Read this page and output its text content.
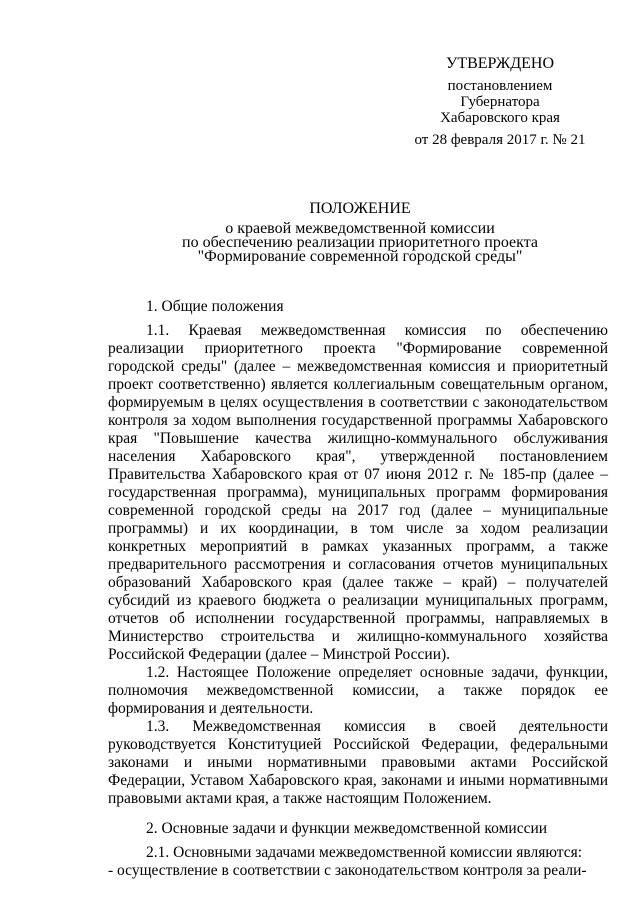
УТВЕРЖДЕНО
постановлением
Губернатора
Хабаровского края
от 28 февраля 2017 г. № 21
ПОЛОЖЕНИЕ
о краевой межведомственной комиссии
по обеспечению реализации приоритетного проекта
"Формирование современной городской среды"

1. Общие положения

1.1. Краевая межведомственная комиссия по обеспечению реализации приоритетного проекта "Формирование современной городской среды" (далее – межведомственная комиссия и приоритетный проект соответственно) является коллегиальным совещательным органом, формируемым в целях осуществления в соответствии с законодательством контроля за ходом выполнения государственной программы Хабаровского края "Повышение качества жилищно-коммунального обслуживания населения Хабаровского края", утвержденной постановлением Правительства Хабаровского края от 07 июня 2012 г. № 185-пр (далее – государственная программа), муниципальных программ формирования современной городской среды на 2017 год (далее – муниципальные программы) и их координации, в том числе за ходом реализации конкретных мероприятий в рамках указанных программ, а также предварительного рассмотрения и согласования отчетов муниципальных образований Хабаровского края (далее также – край) – получателей субсидий из краевого бюджета о реализации муниципальных программ, отчетов об исполнении государственной программы, направляемых в Министерство строительства и жилищно-коммунального хозяйства Российской Федерации (далее – Минстрой России).

1.2. Настоящее Положение определяет основные задачи, функции, полномочия межведомственной комиссии, а также порядок ее формирования и деятельности.

1.3. Межведомственная комиссия в своей деятельности руководствуется Конституцией Российской Федерации, федеральными законами и иными нормативными правовыми актами Российской Федерации, Уставом Хабаровского края, законами и иными нормативными правовыми актами края, а также настоящим Положением.

2. Основные задачи и функции межведомственной комиссии

2.1. Основными задачами межведомственной комиссии являются:

- осуществление в соответствии с законодательством контроля за реали-
